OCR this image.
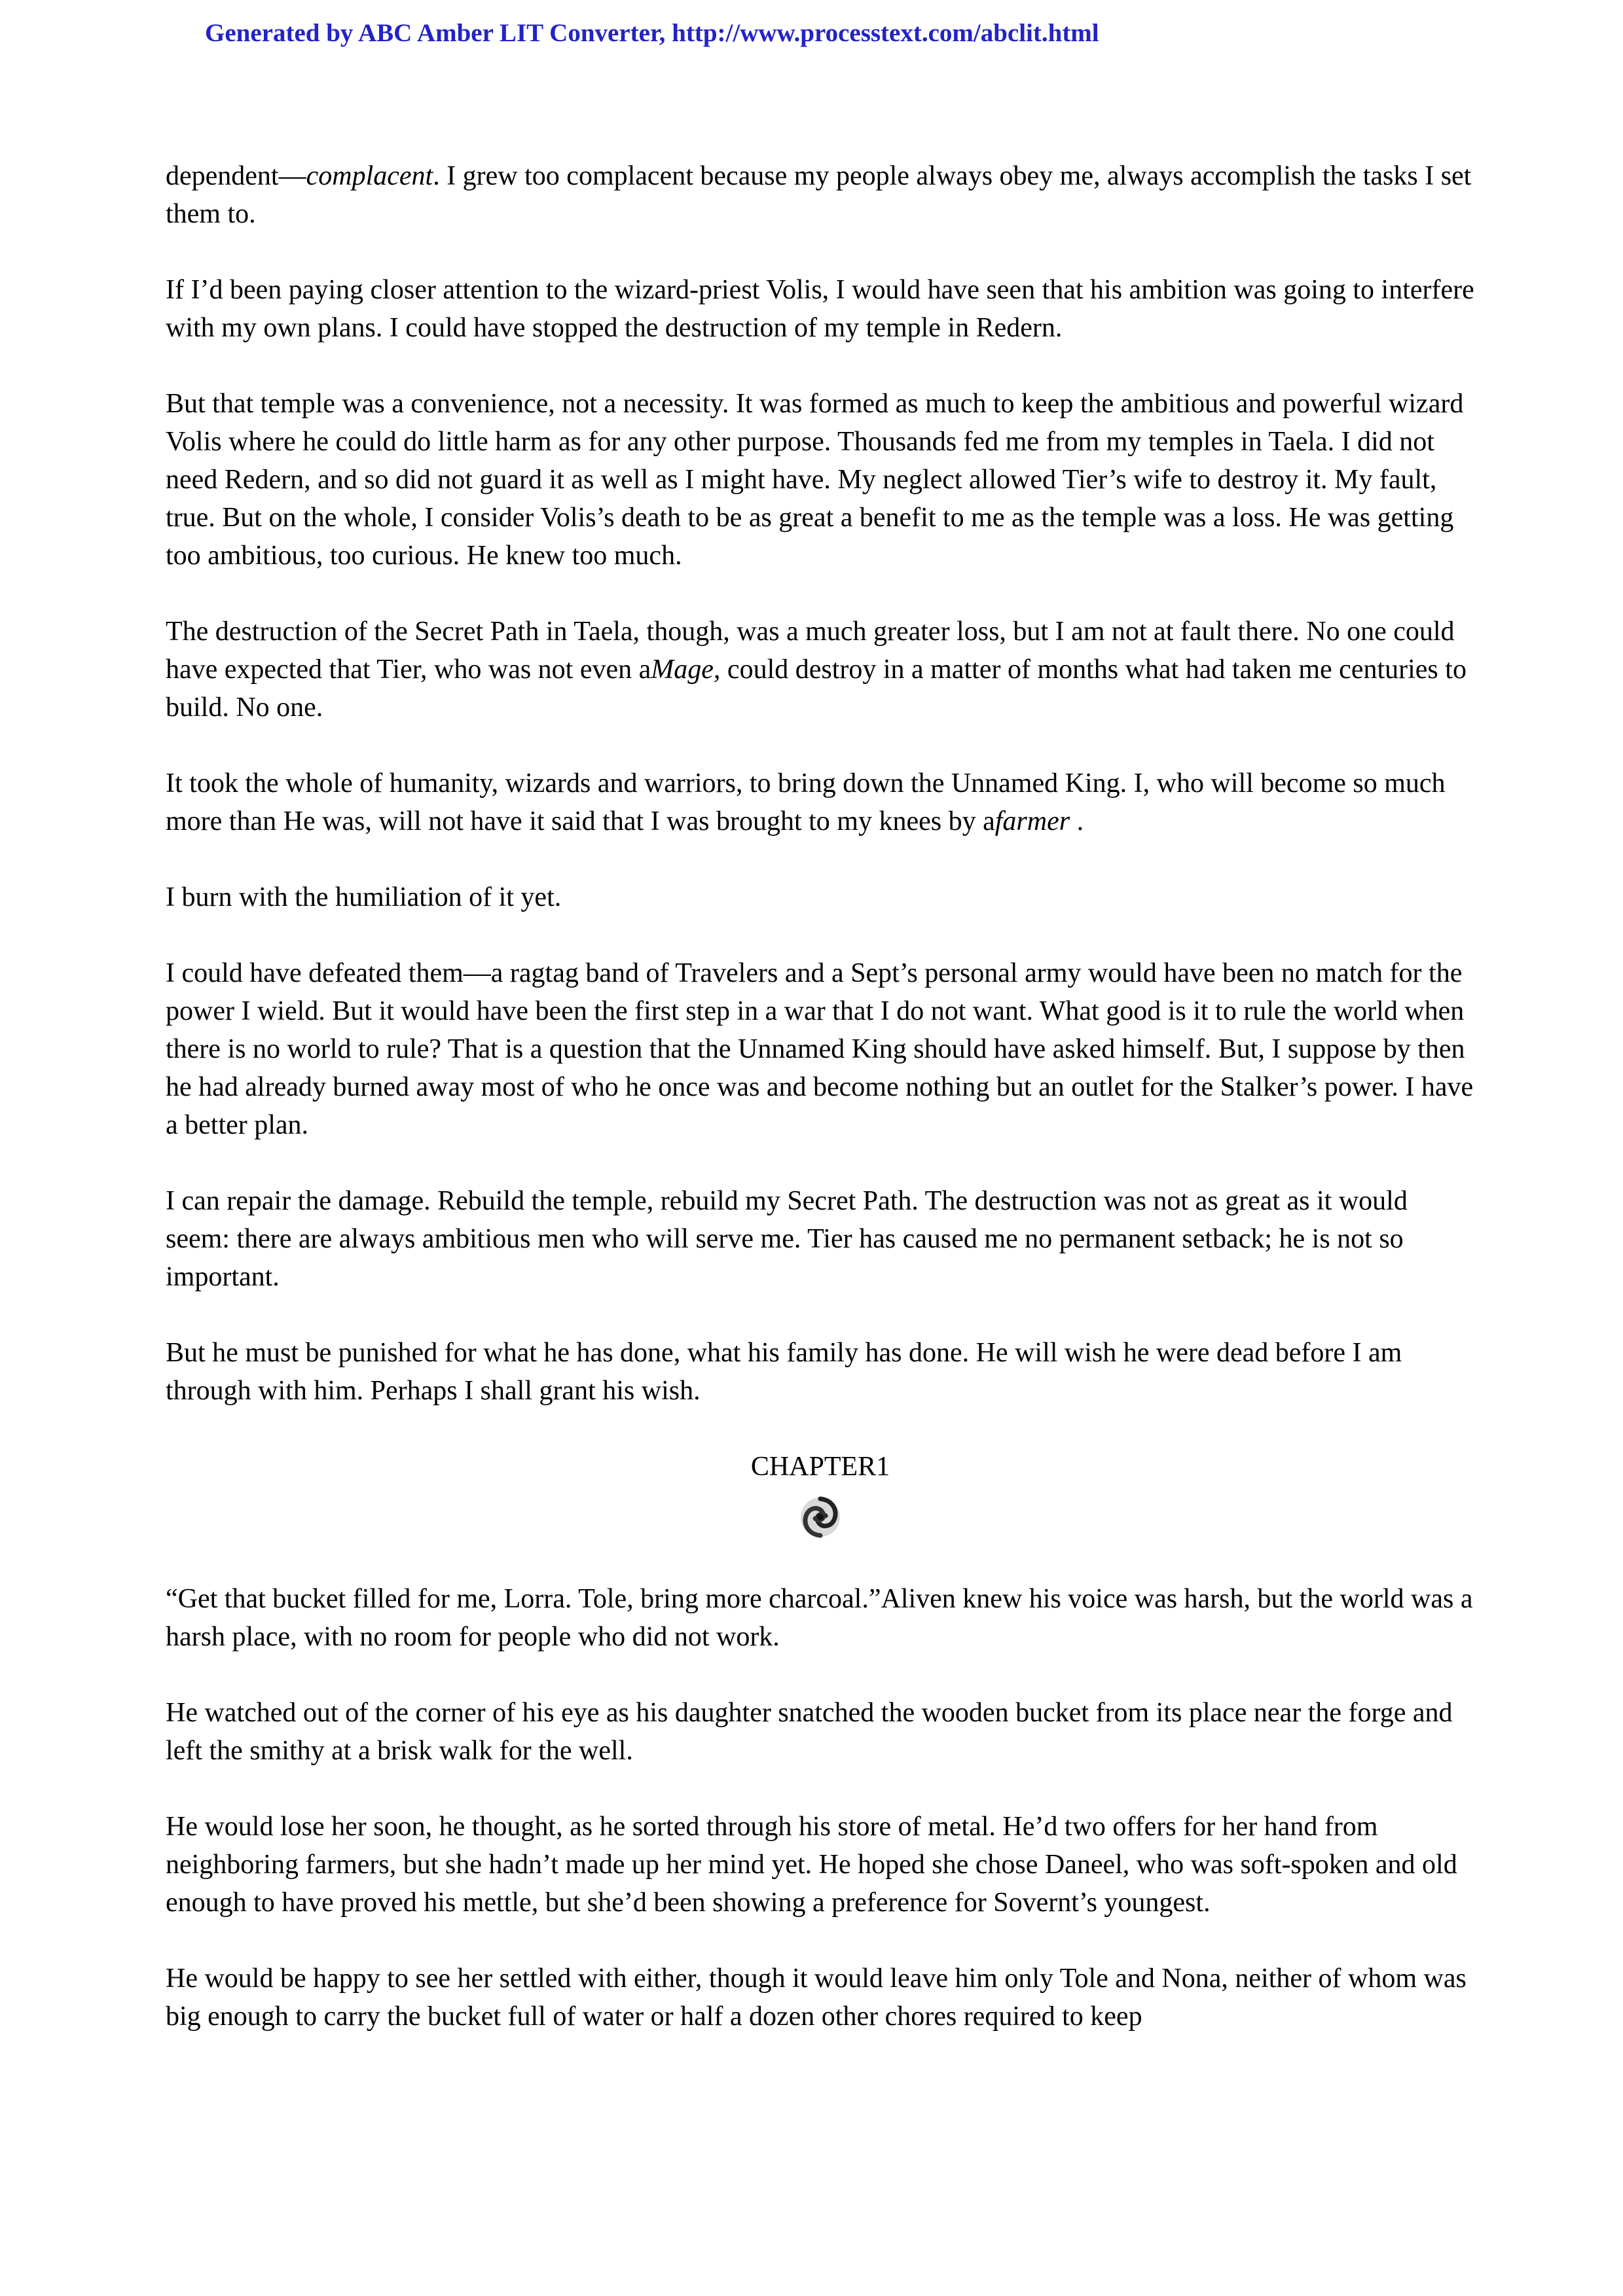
Generated by ABC Amber LIT Converter, http://www.processtext.com/abclit.html

dependent—complacent. I grew too complacent because my people always obey me, always accomplish the tasks I set them to.

If I’d been paying closer attention to the wizard-priest Volis, I would have seen that his ambition was going to interfere with my own plans. I could have stopped the destruction of my temple in Redern.

But that temple was a convenience, not a necessity. It was formed as much to keep the ambitious and powerful wizard Volis where he could do little harm as for any other purpose. Thousands fed me from my temples in Taela. I did not need Redern, and so did not guard it as well as I might have. My neglect allowed Tier’s wife to destroy it. My fault, true. But on the whole, I consider Volis’s death to be as great a benefit to me as the temple was a loss. He was getting too ambitious, too curious. He knew too much.

The destruction of the Secret Path in Taela, though, was a much greater loss, but I am not at fault there. No one could have expected that Tier, who was not even aMage, could destroy in a matter of months what had taken me centuries to build. No one.

It took the whole of humanity, wizards and warriors, to bring down the Unnamed King. I, who will become so much more than He was, will not have it said that I was brought to my knees by afarmer .

I burn with the humiliation of it yet.

I could have defeated them—a ragtag band of Travelers and a Sept’s personal army would have been no match for the power I wield. But it would have been the first step in a war that I do not want. What good is it to rule the world when there is no world to rule? That is a question that the Unnamed King should have asked himself. But, I suppose by then he had already burned away most of who he once was and become nothing but an outlet for the Stalker’s power. I have a better plan.

I can repair the damage. Rebuild the temple, rebuild my Secret Path. The destruction was not as great as it would seem: there are always ambitious men who will serve me. Tier has caused me no permanent setback; he is not so important.

But he must be punished for what he has done, what his family has done. He will wish he were dead before I am through with him. Perhaps I shall grant his wish.

CHAPTER1

“Get that bucket filled for me, Lorra. Tole, bring more charcoal.”Aliven knew his voice was harsh, but the world was a harsh place, with no room for people who did not work.

He watched out of the corner of his eye as his daughter snatched the wooden bucket from its place near the forge and left the smithy at a brisk walk for the well.

He would lose her soon, he thought, as he sorted through his store of metal. He’d two offers for her hand from neighboring farmers, but she hadn’t made up her mind yet. He hoped she chose Daneel, who was soft-spoken and old enough to have proved his mettle, but she’d been showing a preference for Sovernt’s youngest.

He would be happy to see her settled with either, though it would leave him only Tole and Nona, neither of whom was big enough to carry the bucket full of water or half a dozen other chores required to keep
